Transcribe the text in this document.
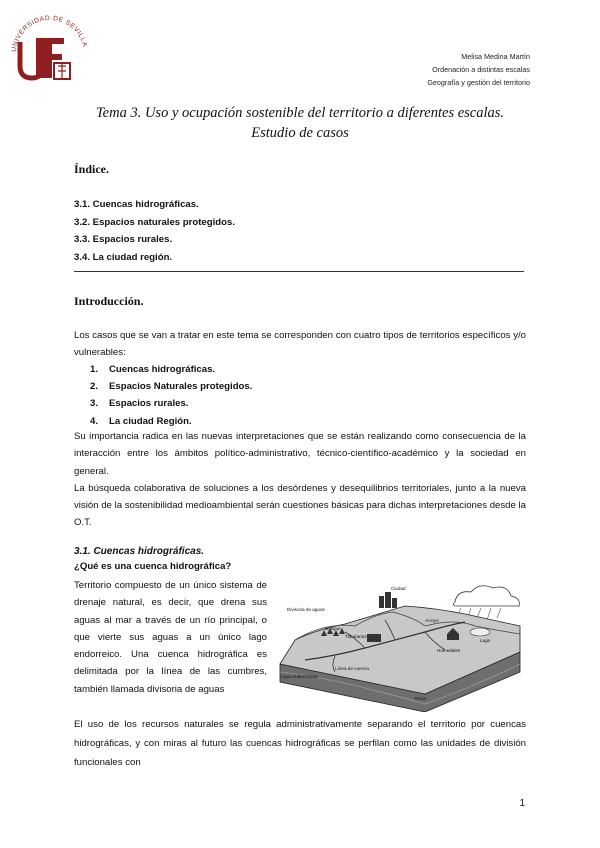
UNIVERSIDAD DE SEVILLA
Melisa Medina Martín
Ordenación a distintas escalas
Geografía y gestión del territorio
Tema 3. Uso y ocupación sostenible del territorio a diferentes escalas.
Estudio de casos
Índice.
3.1. Cuencas hidrográficas.
3.2. Espacios naturales protegidos.
3.3. Espacios rurales.
3.4. La ciudad región.
Introducción.

Los casos que se van a tratar en este tema se corresponden con cuatro tipos de territorios específicos y/o vulnerables:

1. Cuencas hidrográficas.
2. Espacios Naturales protegidos.
3. Espacios rurales.
4. La ciudad Región.

Su importancia radica en las nuevas interpretaciones que se están realizando como consecuencia de la interacción entre los ámbitos político-administrativo, técnico-científico-académico y la sociedad en general.

La búsqueda colaborativa de soluciones a los desórdenes y desequilibrios territoriales, junto a la nueva visión de la sostenibilidad medioambiental serán cuestiones básicas para dichas interpretaciones desde la O.T.

3.1. Cuencas hidrográficas.
¿Qué es una cuenca hidrográfica?
Territorio compuesto de un único sistema de drenaje natural, es decir, que drena sus aguas al mar a través de un río principal, o que vierte sus aguas a un único lago endorreico. Una cuenca hidrográfica es delimitada por la línea de las cumbres, también llamada divisoria de aguas
Ciudad
Divisoria de aguas
Bosque
Tributarios
Arroyo
Lago
Humedales
Agua subterránea
Línea de cuenca
Roca
El uso de los recursos naturales se regula administrativamente separando el territorio por cuencas hidrográficas, y con miras al futuro las cuencas hidrográficas se perfilan como las unidades de división funcionales con
1
